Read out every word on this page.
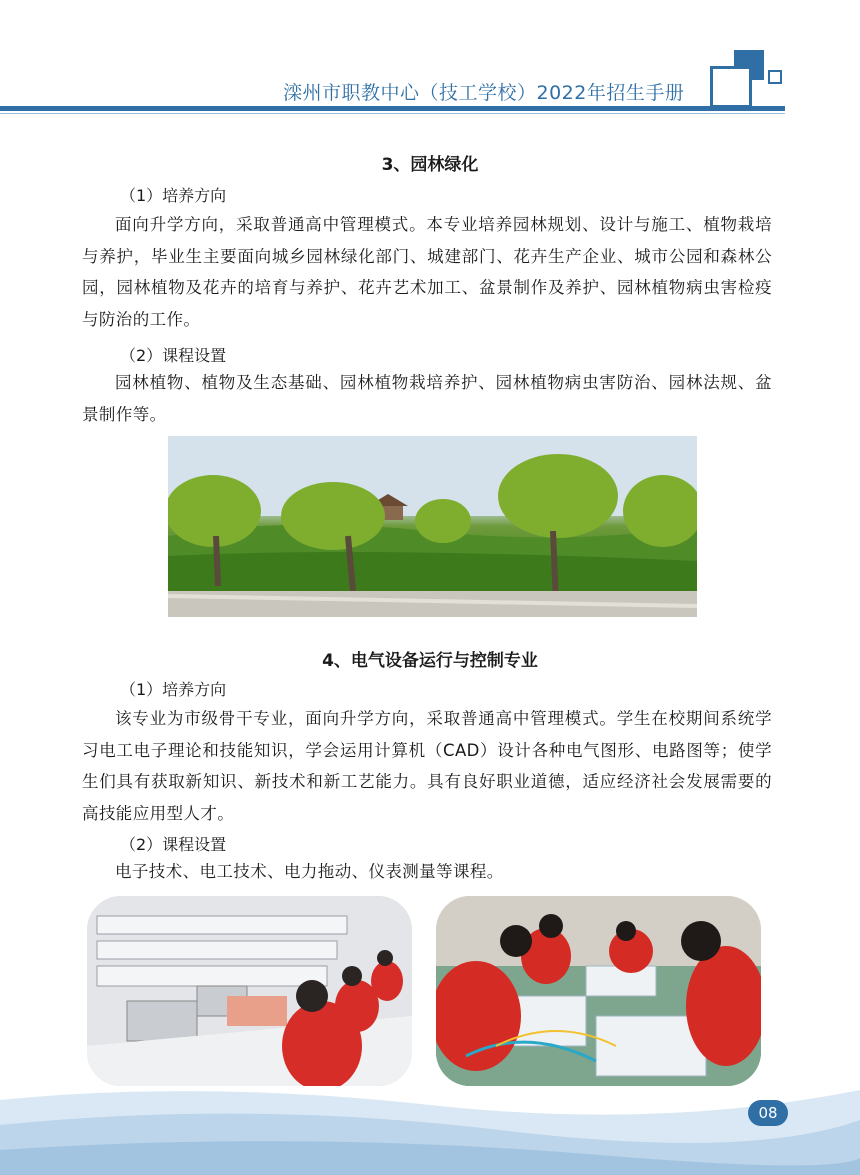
滦州市职教中心（技工学校）2022年招生手册
3、园林绿化
（1）培养方向
面向升学方向，采取普通高中管理模式。本专业培养园林规划、设计与施工、植物栽培与养护，毕业生主要面向城乡园林绿化部门、城建部门、花卉生产企业、城市公园和森林公园，园林植物及花卉的培育与养护、花卉艺术加工、盆景制作及养护、园林植物病虫害检疫与防治的工作。
（2）课程设置
园林植物、植物及生态基础、园林植物栽培养护、园林植物病虫害防治、园林法规、盆景制作等。
4、电气设备运行与控制专业
（1）培养方向
该专业为市级骨干专业，面向升学方向，采取普通高中管理模式。学生在校期间系统学习电工电子理论和技能知识，学会运用计算机（CAD）设计各种电气图形、电路图等；使学生们具有获取新知识、新技术和新工艺能力。具有良好职业道德，适应经济社会发展需要的高技能应用型人才。
（2）课程设置
电子技术、电工技术、电力拖动、仪表测量等课程。
08
